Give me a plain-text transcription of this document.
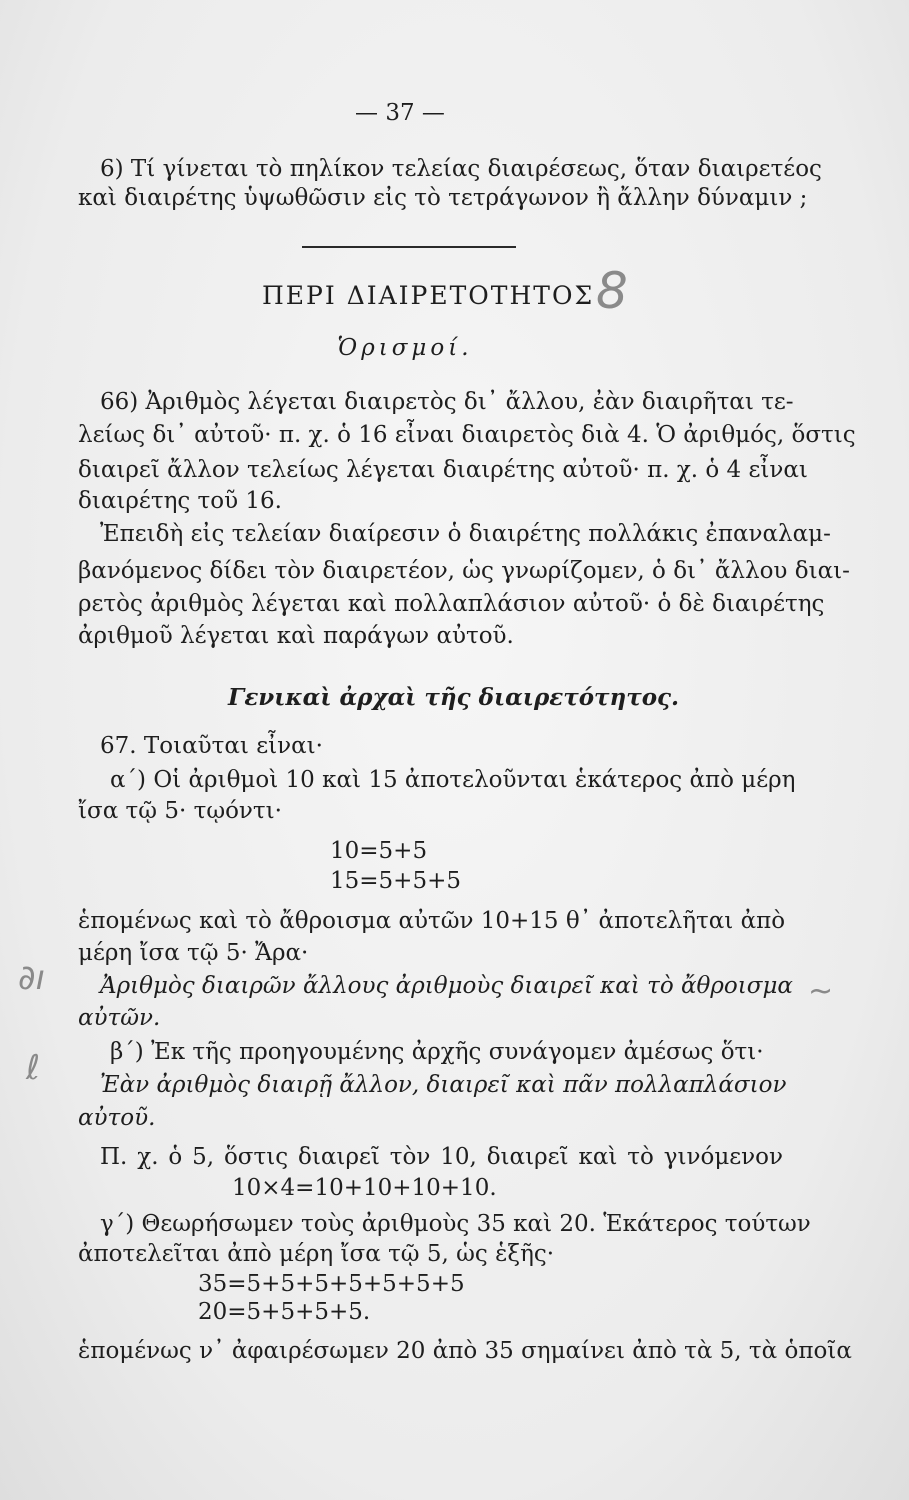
— 37 —
6) Τί γίνεται τὸ πηλίκον τελείας διαιρέσεως, ὅταν διαιρετέος
καὶ διαιρέτης ὑψωθῶσιν εἰς τὸ τετράγωνον ἢ ἄλλην δύναμιν ;
ΠΕΡΙ ΔΙΑΙΡΕΤΟΤΗΤΟΣ 8
Ὁρισμοί.
66) Ἀριθμὸς λέγεται διαιρετὸς δι᾽ ἄλλου, ἐὰν διαιρῆται τε-
λείως δι᾽ αὐτοῦ· π. χ. ὁ 16 εἶναι διαιρετὸς διὰ 4. Ὁ ἀριθμός, ὅστις
διαιρεῖ ἄλλον τελείως λέγεται διαιρέτης αὐτοῦ· π. χ. ὁ 4 εἶναι
διαιρέτης τοῦ 16.
Ἐπειδὴ εἰς τελείαν διαίρεσιν ὁ διαιρέτης πολλάκις ἐπαναλαμ-
βανόμενος δίδει τὸν διαιρετέον, ὡς γνωρίζομεν, ὁ δι᾽ ἄλλου διαι-
ρετὸς ἀριθμὸς λέγεται καὶ πολλαπλάσιον αὐτοῦ· ὁ δὲ διαιρέτης
ἀριθμοῦ λέγεται καὶ παράγων αὐτοῦ.
Γενικαὶ ἀρχαὶ τῆς διαιρετότητος.
67. Τοιαῦται εἶναι·
α΄) Οἱ ἀριθμοὶ 10 καὶ 15 ἀποτελοῦνται ἑκάτερος ἀπὸ μέρη
ἴσα τῷ 5· τῳόντι·
10=5+5
15=5+5+5
ἑπομένως καὶ τὸ ἄθροισμα αὐτῶν 10+15 θ᾽ ἀποτελῆται ἀπὸ
μέρη ἴσα τῷ 5· Ἄρα·
∂ı Ἀριθμὸς διαιρῶν ἄλλους ἀριθμοὺς διαιρεῖ καὶ τὸ ἄθροισμα ~
αὐτῶν.
β΄) Ἐκ τῆς προηγουμένης ἀρχῆς συνάγομεν ἀμέσως ὅτι·
ℓ	Ἐὰν ἀριθμὸς διαιρῇ ἄλλον, διαιρεῖ καὶ πᾶν πολλαπλάσιον
αὐτοῦ.
Π. χ. ὁ 5, ὅστις διαιρεῖ τὸν 10, διαιρεῖ καὶ τὸ γινόμενον
10×4=10+10+10+10.
γ΄) Θεωρήσωμεν τοὺς ἀριθμοὺς 35 καὶ 20. Ἑκάτερος τούτων
ἀποτελεῖται ἀπὸ μέρη ἴσα τῷ 5, ὡς ἑξῆς·
35=5+5+5+5+5+5+5
20=5+5+5+5.
ἑπομένως ν᾽ ἀφαιρέσωμεν 20 ἀπὸ 35 σημαίνει ἀπὸ τὰ 5, τὰ ὁποῖα
